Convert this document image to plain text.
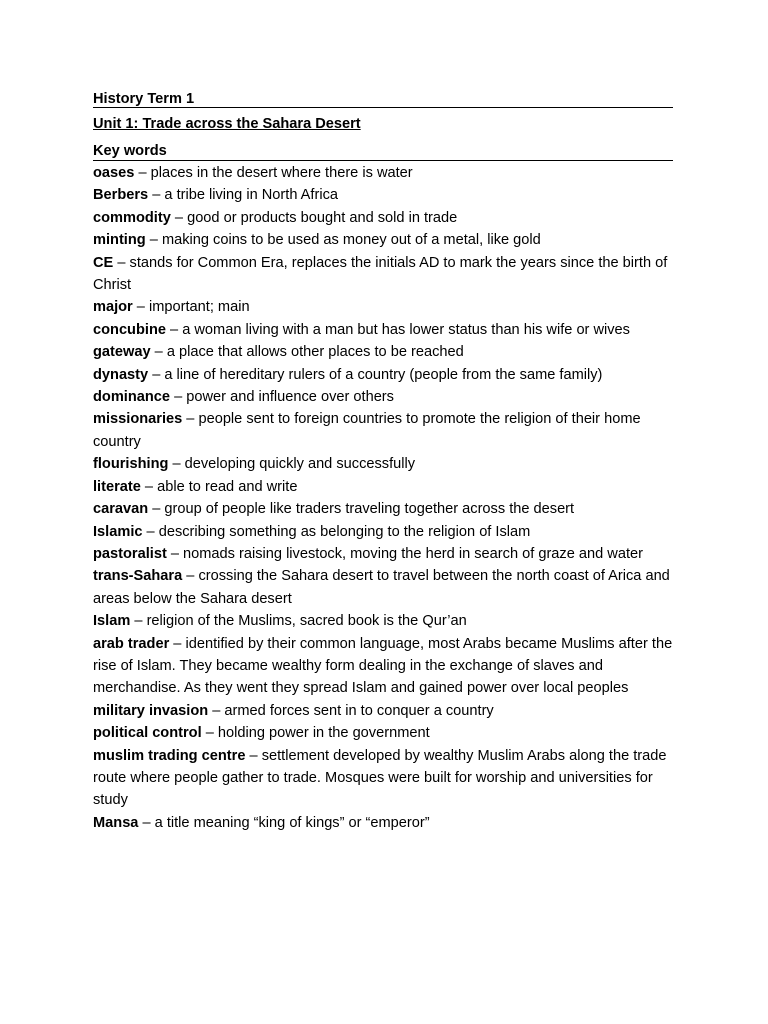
History Term 1
Unit 1: Trade across the Sahara Desert
Key words
oases – places in the desert where there is water
Berbers – a tribe living in North Africa
commodity – good or products bought and sold in trade
minting – making coins to be used as money out of a metal, like gold
CE – stands for Common Era, replaces the initials AD to mark the years since the birth of Christ
major – important; main
concubine – a woman living with a man but has lower status than his wife or wives
gateway – a place that allows other places to be reached
dynasty – a line of hereditary rulers of a country (people from the same family)
dominance – power and influence over others
missionaries – people sent to foreign countries to promote the religion of their home country
flourishing – developing quickly and successfully
literate – able to read and write
caravan – group of people like traders traveling together across the desert
Islamic – describing something as belonging to the religion of Islam
pastoralist – nomads raising livestock, moving the herd in search of graze and water
trans-Sahara – crossing the Sahara desert to travel between the north coast of Arica and areas below the Sahara desert
Islam – religion of the Muslims, sacred book is the Qur’an
arab trader – identified by their common language, most Arabs became Muslims after the rise of Islam. They became wealthy form dealing in the exchange of slaves and merchandise. As they went they spread Islam and gained power over local peoples
military invasion – armed forces sent in to conquer a country
political control – holding power in the government
muslim trading centre – settlement developed by wealthy Muslim Arabs along the trade route where people gather to trade. Mosques were built for worship and universities for study
Mansa – a title meaning “king of kings” or “emperor”
